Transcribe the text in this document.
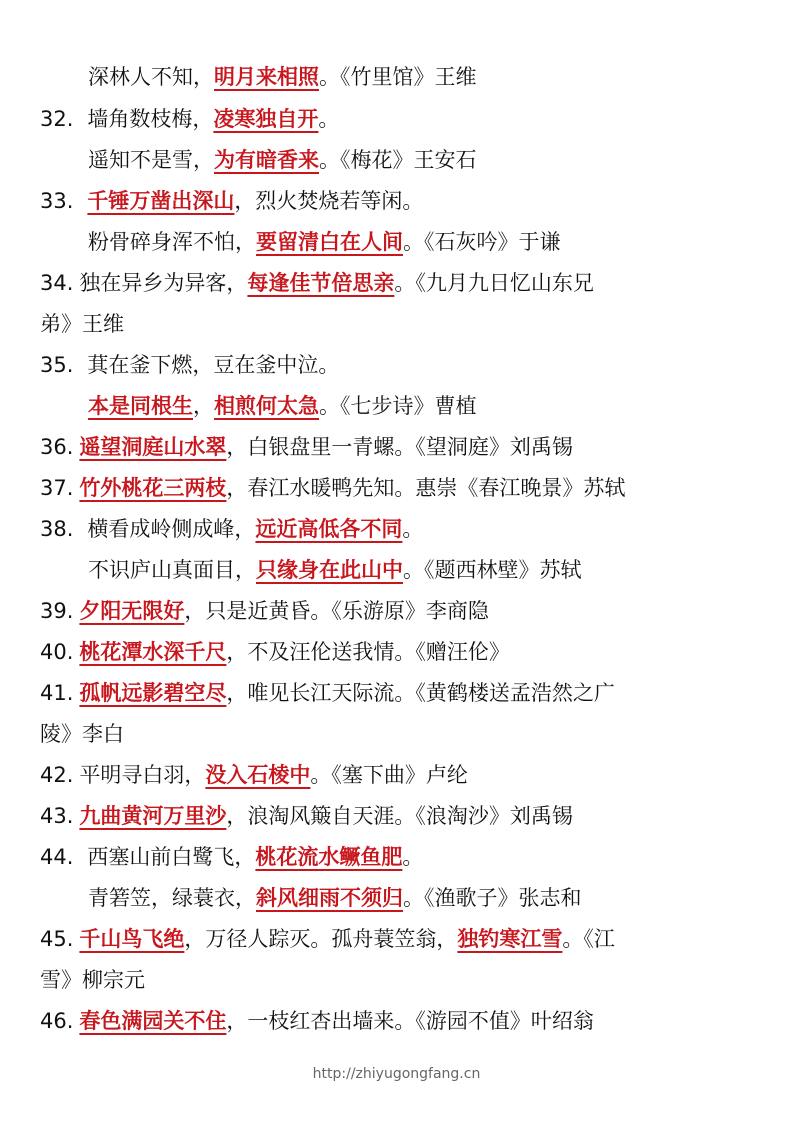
深林人不知，明月来相照。《竹里馆》王维
32. 墙角数枝梅，凌寒独自开。
遥知不是雪，为有暗香来。《梅花》王安石
33. 千锤万凿出深山，烈火焚烧若等闲。
粉骨碎身浑不怕，要留清白在人间。《石灰吟》于谦
34. 独在异乡为异客，每逢佳节倍思亲。《九月九日忆山东兄
弟》王维
35. 萁在釜下燃，豆在釜中泣。
本是同根生，相煎何太急。《七步诗》曹植
36. 遥望洞庭山水翠，白银盘里一青螺。《望洞庭》刘禹锡
37. 竹外桃花三两枝，春江水暖鸭先知。惠崇《春江晚景》苏轼
38. 横看成岭侧成峰，远近高低各不同。
不识庐山真面目，只缘身在此山中。《题西林壁》苏轼
39. 夕阳无限好，只是近黄昏。《乐游原》李商隐
40. 桃花潭水深千尺，不及汪伦送我情。《赠汪伦》
41. 孤帆远影碧空尽，唯见长江天际流。《黄鹤楼送孟浩然之广
陵》李白
42. 平明寻白羽，没入石棱中。《塞下曲》卢纶
43. 九曲黄河万里沙，浪淘风簸自天涯。《浪淘沙》刘禹锡
44. 西塞山前白鹭飞，桃花流水鳜鱼肥。
青箬笠，绿蓑衣，斜风细雨不须归。《渔歌子》张志和
45. 千山鸟飞绝，万径人踪灭。孤舟蓑笠翁，独钓寒江雪。《江
雪》柳宗元
46. 春色满园关不住，一枝红杏出墙来。《游园不值》叶绍翁
http://zhiyugongfang.cn
